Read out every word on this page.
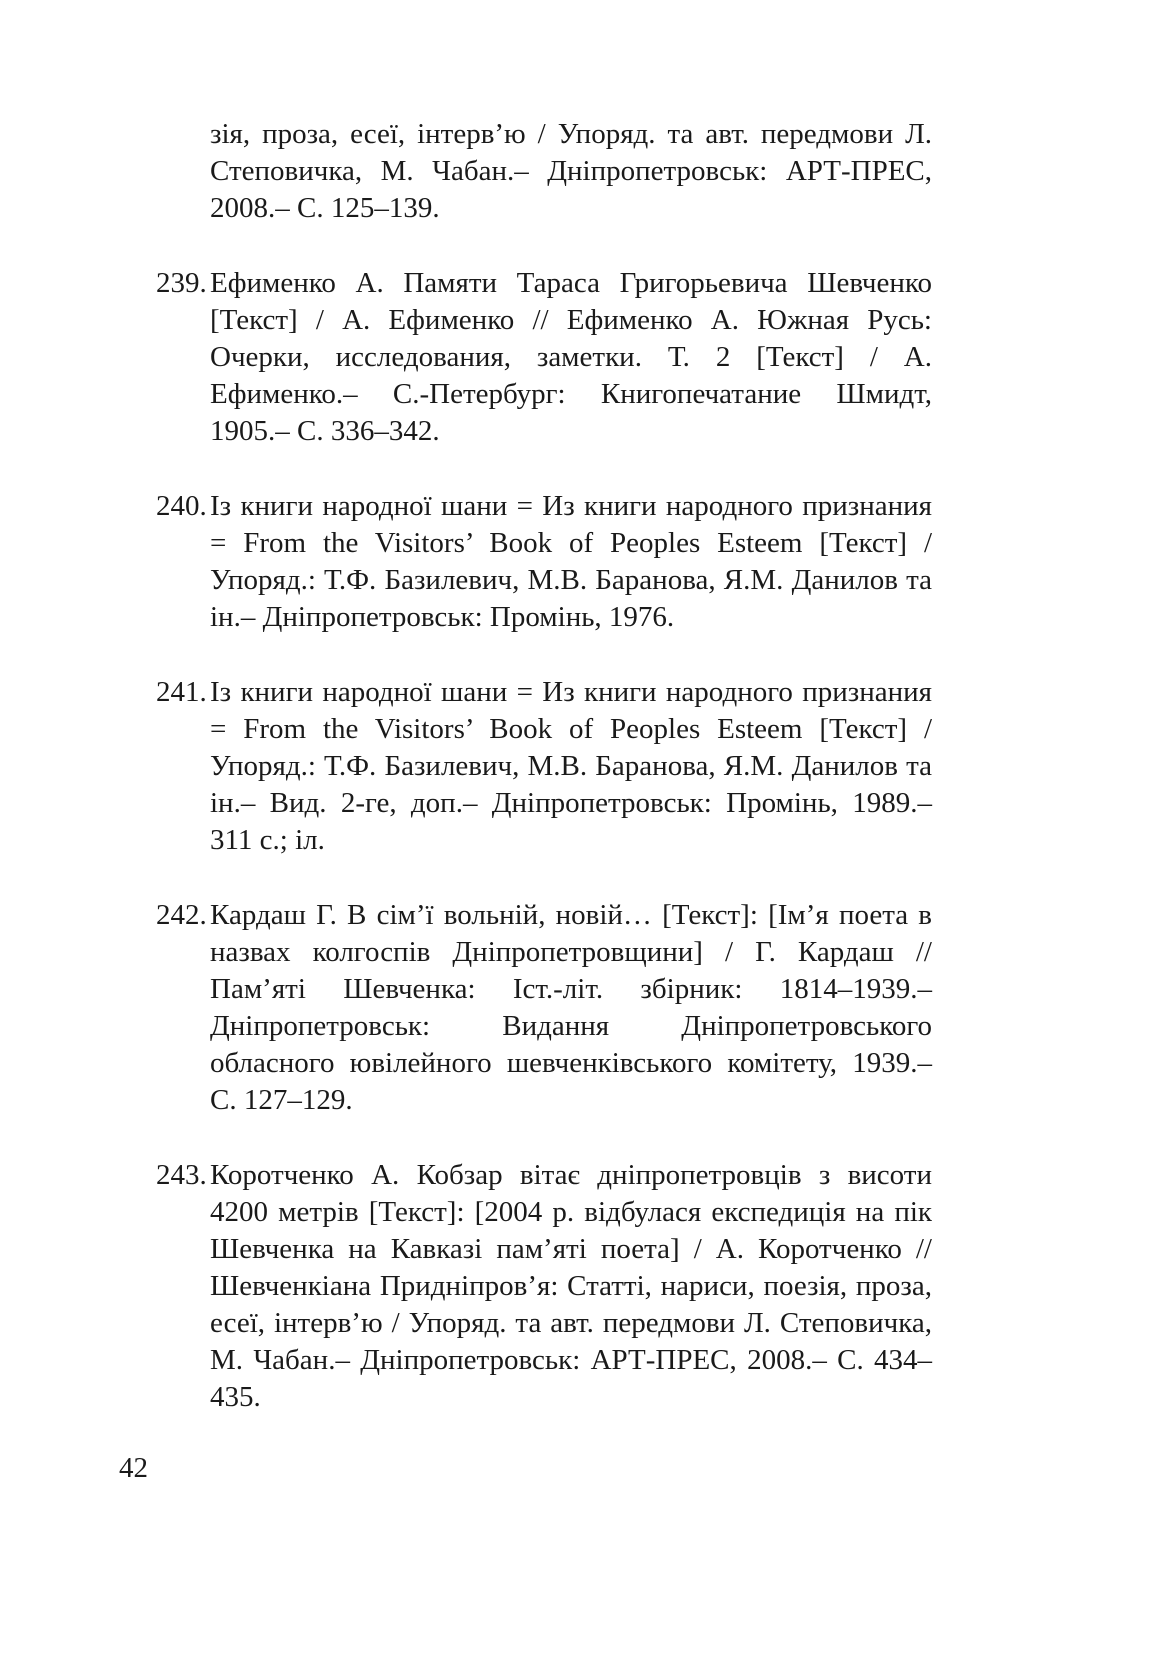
зія, проза, есеї, інтерв’ю / Упоряд. та авт. передмови Л. Степовичка, М. Чабан.– Дніпропетровськ: АРТ-ПРЕС, 2008.– С. 125–139.

239. Ефименко А. Памяти Тараса Григорьевича Шевченко [Текст] / А. Ефименко // Ефименко А. Южная Русь: Очерки, исследования, заметки. Т. 2 [Текст] / А. Ефименко.– С.-Петербург: Книгопечатание Шмидт, 1905.– С. 336–342.

240. Із книги народної шани = Из книги народного признания = From the Visitors’ Book of Peoples Esteem [Текст] / Упоряд.: Т.Ф. Базилевич, М.В. Баранова, Я.М. Данилов та ін.– Дніпропетровськ: Промінь, 1976.

241. Із книги народної шани = Из книги народного признания = From the Visitors’ Book of Peoples Esteem [Текст] / Упоряд.: Т.Ф. Базилевич, М.В. Баранова, Я.М. Данилов та ін.– Вид. 2-ге, доп.– Дніпропетровськ: Промінь, 1989.– 311 с.; іл.

242. Кардаш Г. В сім’ї вольній, новій… [Текст]: [Ім’я поета в назвах колгоспів Дніпропетровщини] / Г. Кардаш // Пам’яті Шевченка: Іст.-літ. збірник: 1814–1939.– Дніпропетровськ: Видання Дніпропетровського обласного ювілейного шевченківського комітету, 1939.– С. 127–129.

243. Коротченко А. Кобзар вітає дніпропетровців з висоти 4200 метрів [Текст]: [2004 р. відбулася експедиція на пік Шевченка на Кавказі пам’яті поета] / А. Коротченко // Шевченкіана Придніпров’я: Статті, нариси, поезія, проза, есеї, інтерв’ю / Упоряд. та авт. передмови Л. Степовичка, М. Чабан.– Дніпропетровськ: АРТ-ПРЕС, 2008.– С. 434–435.

42
